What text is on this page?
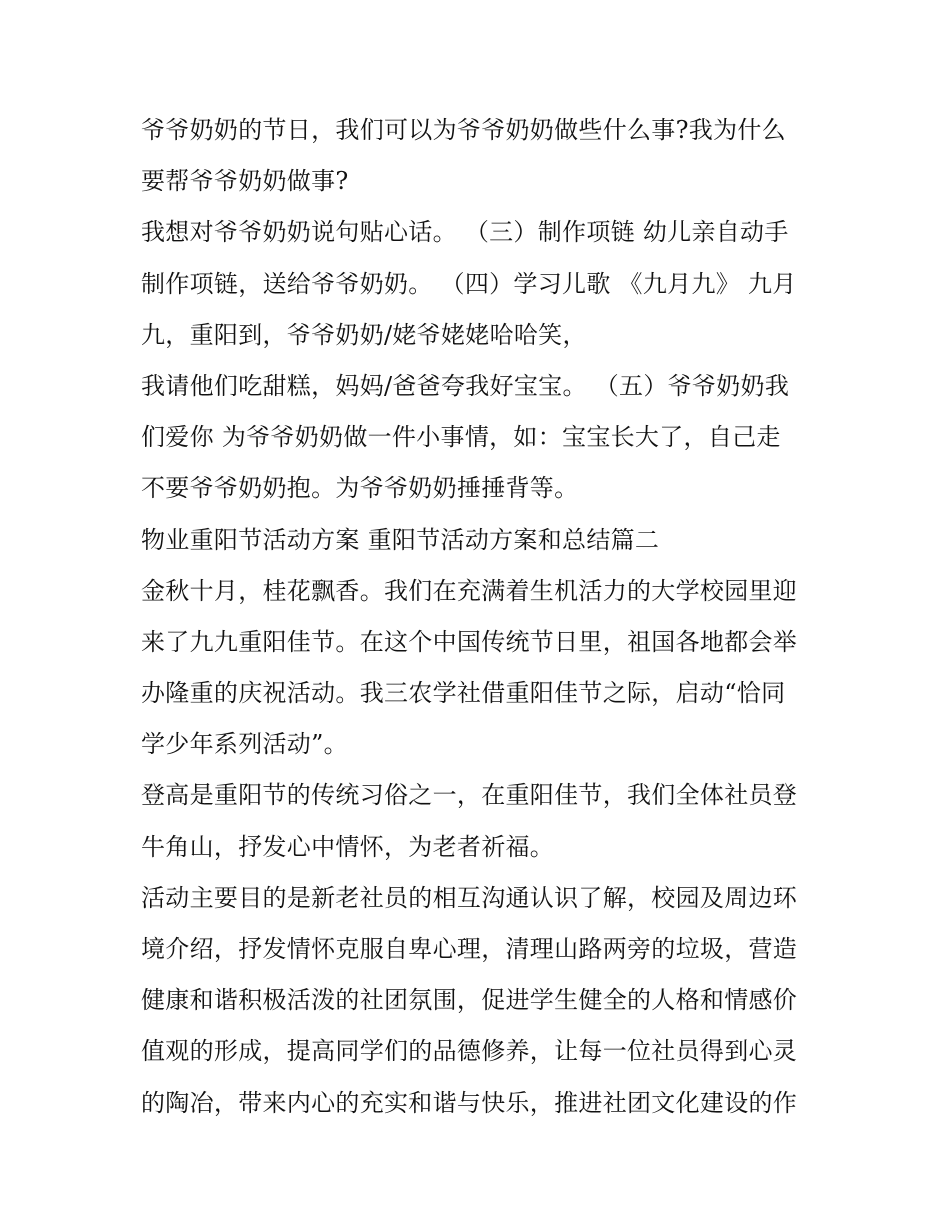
爷爷奶奶的节日，我们可以为爷爷奶奶做些什么事?我为什么
要帮爷爷奶奶做事?
我想对爷爷奶奶说句贴心话。 （三）制作项链 幼儿亲自动手
制作项链，送给爷爷奶奶。 （四）学习儿歌 《九月九》 九月
九，重阳到，爷爷奶奶/姥爷姥姥哈哈笑，
我请他们吃甜糕，妈妈/爸爸夸我好宝宝。 （五）爷爷奶奶我
们爱你 为爷爷奶奶做一件小事情，如：宝宝长大了，自己走
不要爷爷奶奶抱。为爷爷奶奶捶捶背等。
物业重阳节活动方案 重阳节活动方案和总结篇二
金秋十月，桂花飘香。我们在充满着生机活力的大学校园里迎
来了九九重阳佳节。在这个中国传统节日里，祖国各地都会举
办隆重的庆祝活动。我三农学社借重阳佳节之际，启动“恰同
学少年系列活动”。
登高是重阳节的传统习俗之一，在重阳佳节，我们全体社员登
牛角山，抒发心中情怀，为老者祈福。
活动主要目的是新老社员的相互沟通认识了解，校园及周边环
境介绍，抒发情怀克服自卑心理，清理山路两旁的垃圾，营造
健康和谐积极活泼的社团氛围，促进学生健全的人格和情感价
值观的形成，提高同学们的品德修养，让每一位社员得到心灵
的陶冶，带来内心的充实和谐与快乐，推进社团文化建设的作
